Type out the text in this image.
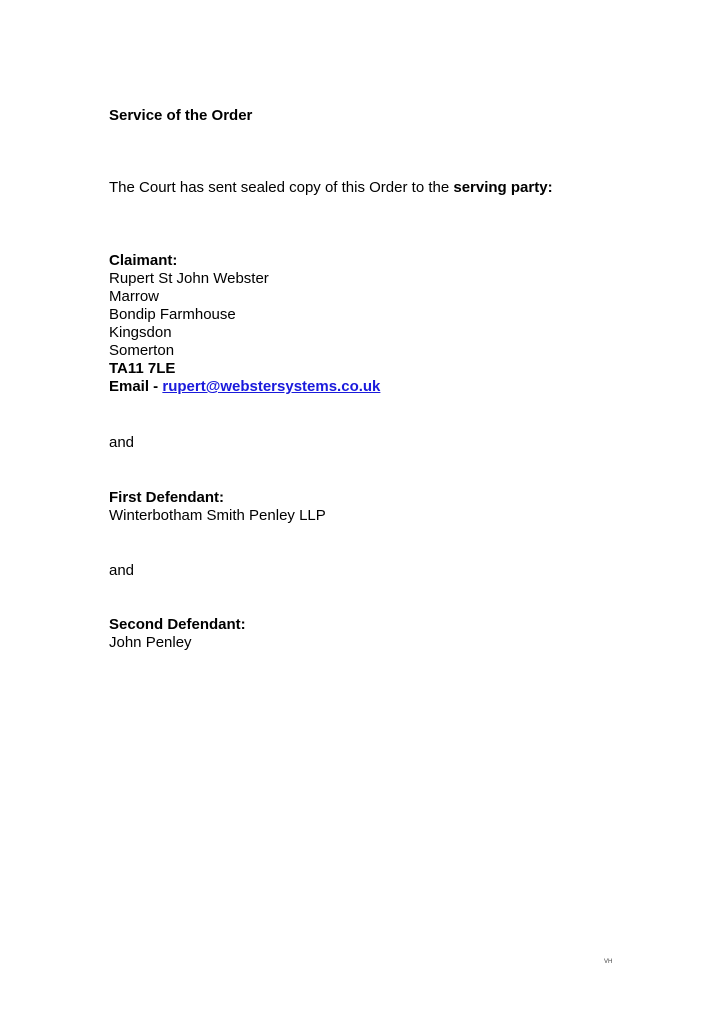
Service of the Order
The Court has sent sealed copy of this Order to the serving party:
Claimant:
Rupert St John Webster
Marrow
Bondip Farmhouse
Kingsdon
Somerton
TA11 7LE
Email - rupert@webstersystems.co.uk
and
First Defendant:
Winterbotham Smith Penley LLP
and
Second Defendant:
John Penley
VH
